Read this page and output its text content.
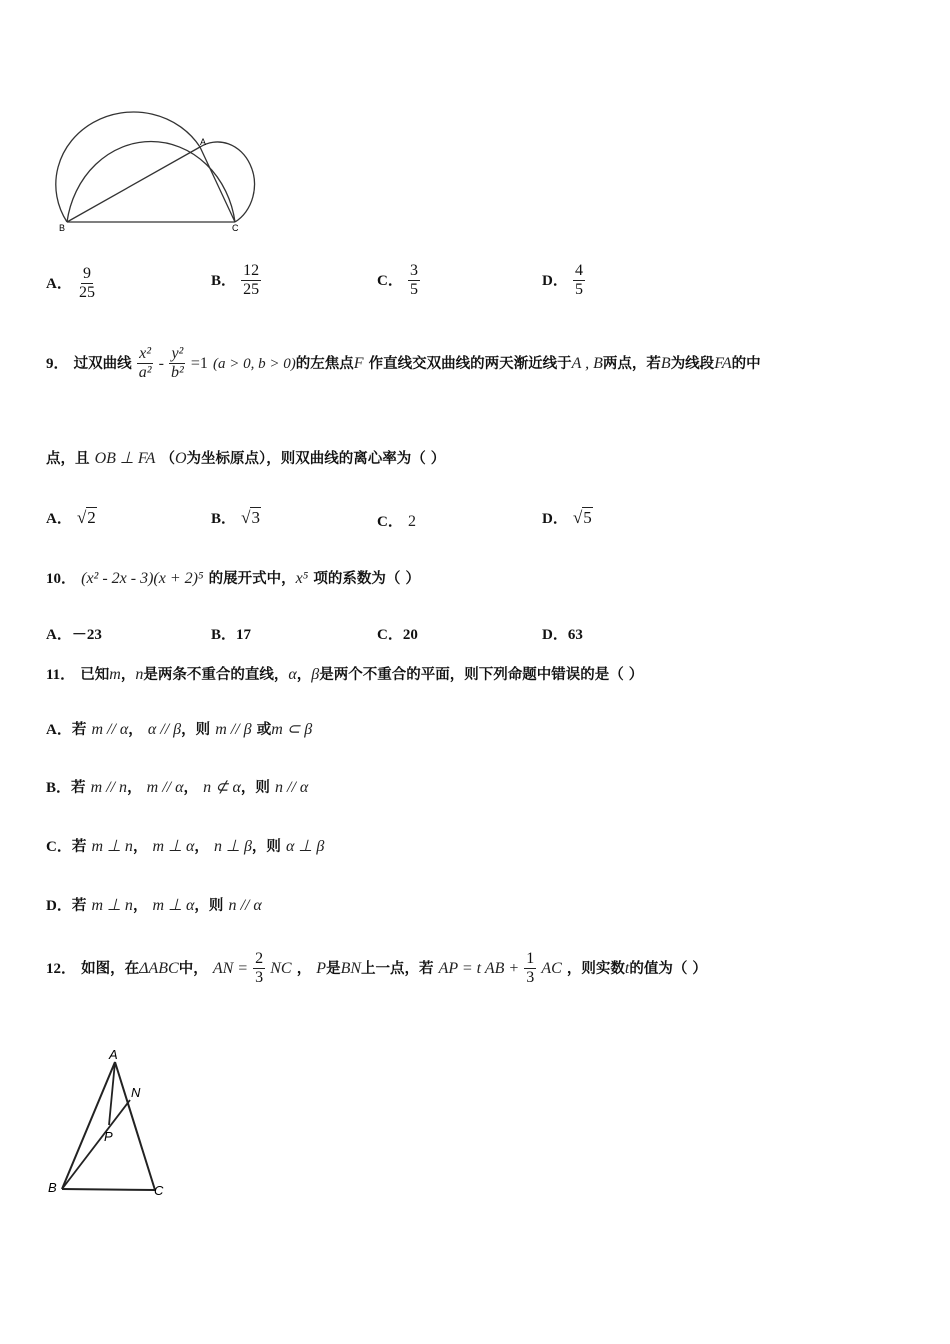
A
B	C
A． $\frac{9}{25}$	B． $\frac{12}{25}$	C． $\frac{3}{5}$	D． $\frac{4}{5}$
9． 过双曲线 $\frac{\text{x²}}{\text{a²}} - \frac{\text{y²}}{\text{b²}} =1$ (a > 0, b > 0)的左焦点F 作直线交双曲线的两天渐近线于A , B两点，若B为线段FA的中
点，且 OB ⊥ FA （O为坐标原点），则双曲线的离心率为（ ）
A． √2	B． √3	C． 2	D． √5
10． (x² - 2x - 3)(x + 2)⁵ 的展开式中，x⁵ 项的系数为（ ）
A．－23	B．17	C．20	D．63
11． 已知m，n是两条不重合的直线，α，β是两个不重合的平面，则下列命题中错误的是（ ）
A．若 m // α， α // β，则 m // β 或m ⊂ β
B．若 m // n， m // α， n ⊄ α，则 n // α
C．若 m ⊥ n， m ⊥ α， n ⊥ β，则 α ⊥ β
D．若 m ⊥ n， m ⊥ α，则 n // α
12． 如图，在ΔABC中， AN = $\frac{2}{3}$ NC ， P是BN上一点，若 AP = t AB + $\frac{1}{3}$ AC ，则实数t的值为（ ）
A
N
P
B	C
